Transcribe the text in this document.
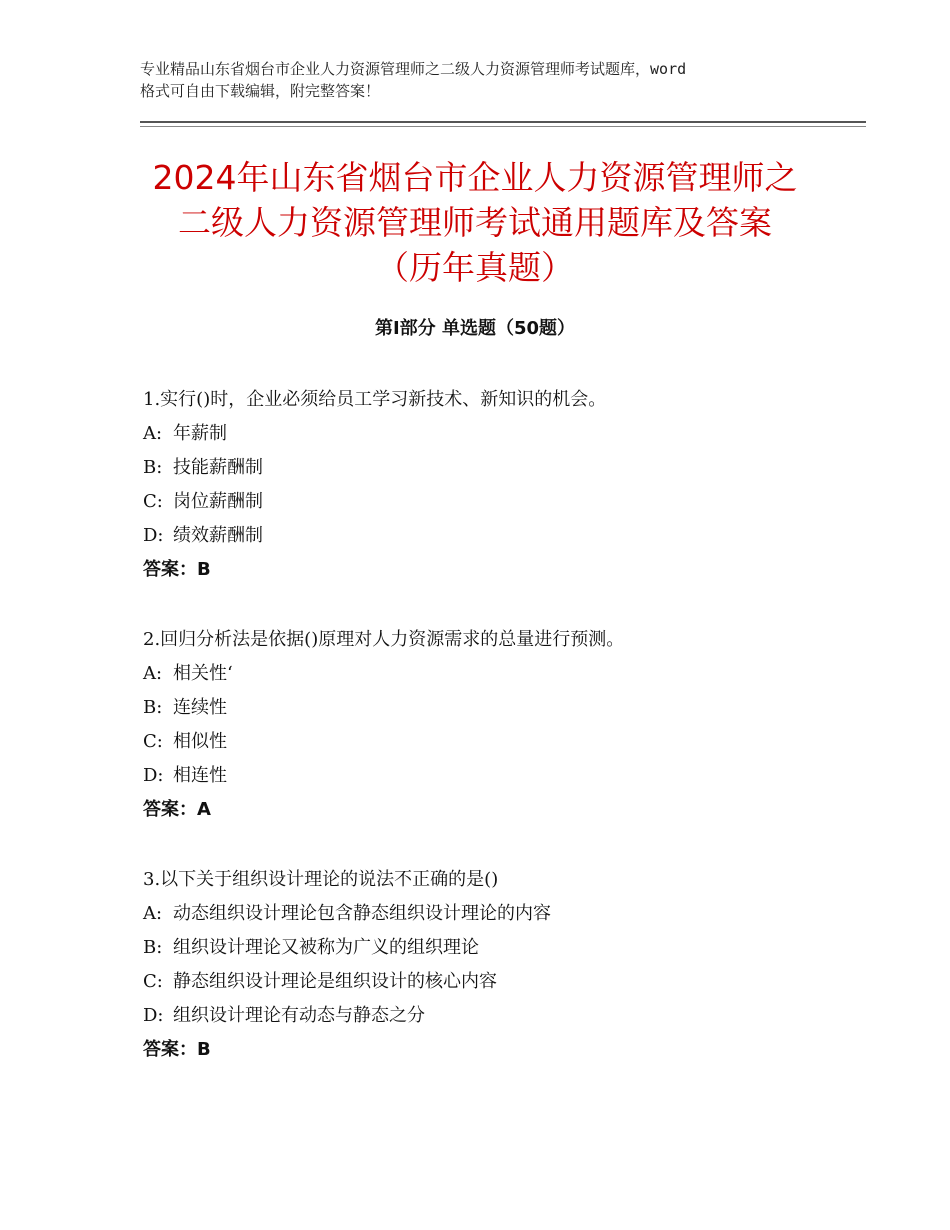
专业精品山东省烟台市企业人力资源管理师之二级人力资源管理师考试题库，word
格式可自由下载编辑，附完整答案！
2024年山东省烟台市企业人力资源管理师之
二级人力资源管理师考试通用题库及答案
（历年真题）
第Ⅰ部分 单选题（50题）
1.实行()时，企业必须给员工学习新技术、新知识的机会。
A: 年薪制
B: 技能薪酬制
C: 岗位薪酬制
D: 绩效薪酬制
答案：B
2.回归分析法是依据()原理对人力资源需求的总量进行预测。
A: 相关性‘
B: 连续性
C: 相似性
D: 相连性
答案：A
3.以下关于组织设计理论的说法不正确的是()
A: 动态组织设计理论包含静态组织设计理论的内容
B: 组织设计理论又被称为广义的组织理论
C: 静态组织设计理论是组织设计的核心内容
D: 组织设计理论有动态与静态之分
答案：B
